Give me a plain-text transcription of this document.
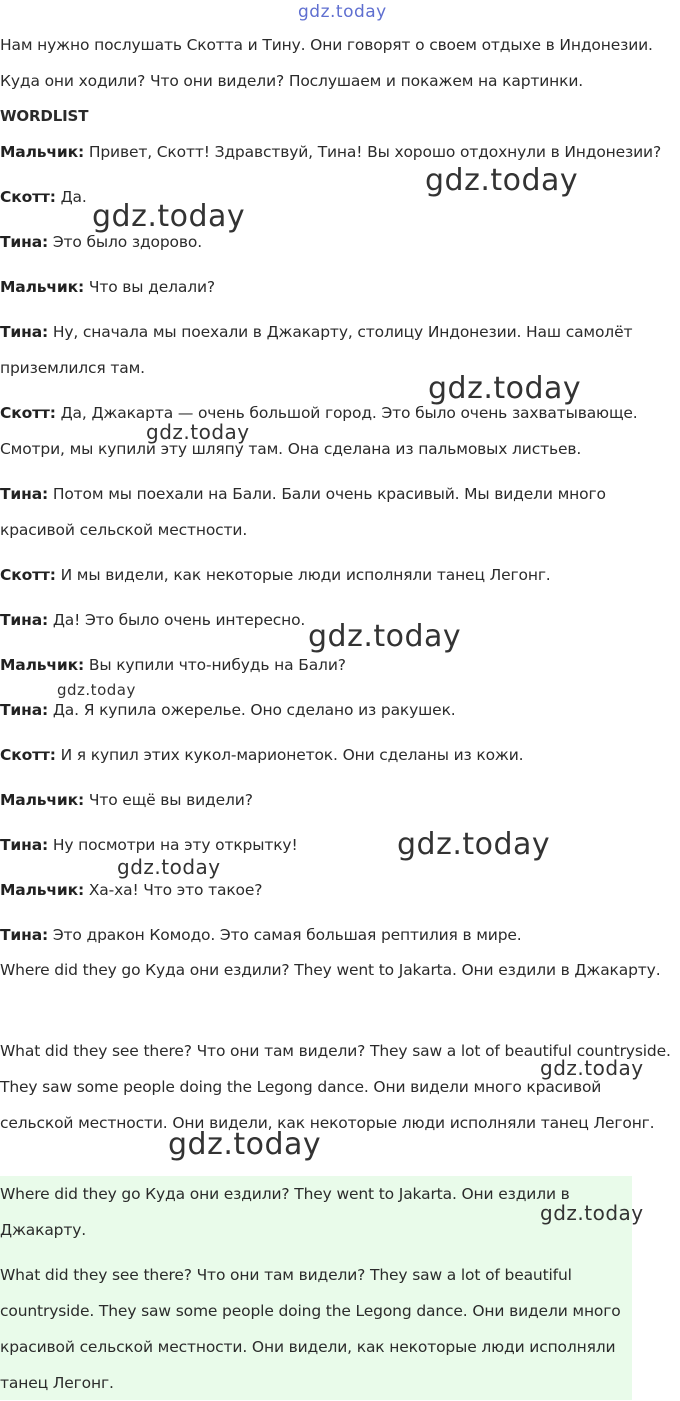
Нам нужно послушать Скотта и Тину. Они говорят о своем отдыхе в Индонезии.
Куда они ходили? Что они видели? Послушаем и покажем на картинки.
WORDLIST
Мальчик: Привет, Скотт! Здравствуй, Тина! Вы хорошо отдохнули в Индонезии?
Скотт: Да.
Тина: Это было здорово.
Мальчик: Что вы делали?
Тина: Ну, сначала мы поехали в Джакарту, столицу Индонезии. Наш самолёт приземлился там.
Скотт: Да, Джакарта — очень большой город. Это было очень захватывающе. Смотри, мы купили эту шляпу там. Она сделана из пальмовых листьев.
Тина: Потом мы поехали на Бали. Бали очень красивый. Мы видели много красивой сельской местности.
Скотт: И мы видели, как некоторые люди исполняли танец Легонг.
Тина: Да! Это было очень интересно.
Мальчик: Вы купили что-нибудь на Бали?
Тина: Да. Я купила ожерелье. Оно сделано из ракушек.
Скотт: И я купил этих кукол-марионеток. Они сделаны из кожи.
Мальчик: Что ещё вы видели?
Тина: Ну посмотри на эту открытку!
Мальчик: Ха-ха! Что это такое?
Тина: Это дракон Комодо. Это самая большая рептилия в мире.
Where did they go Куда они ездили? They went to Jakarta. Они ездили в Джакарту.
What did they see there? Что они там видели? They saw a lot of beautiful countryside. They saw some people doing the Legong dance. Они видели много красивой сельской местности. Они видели, как некоторые люди исполняли танец Легонг.
Where did they go Куда они ездили? They went to Jakarta. Они ездили в Джакарту.
What did they see there? Что они там видели? They saw a lot of beautiful countryside. They saw some people doing the Legong dance. Они видели много красивой сельской местности. Они видели, как некоторые люди исполняли танец Легонг.
gdz.today
gdz.today
gdz.today
gdz.today
gdz.today
gdz.today
gdz.today
gdz.today
gdz.today
gdz.today
gdz.today
gdz.today
